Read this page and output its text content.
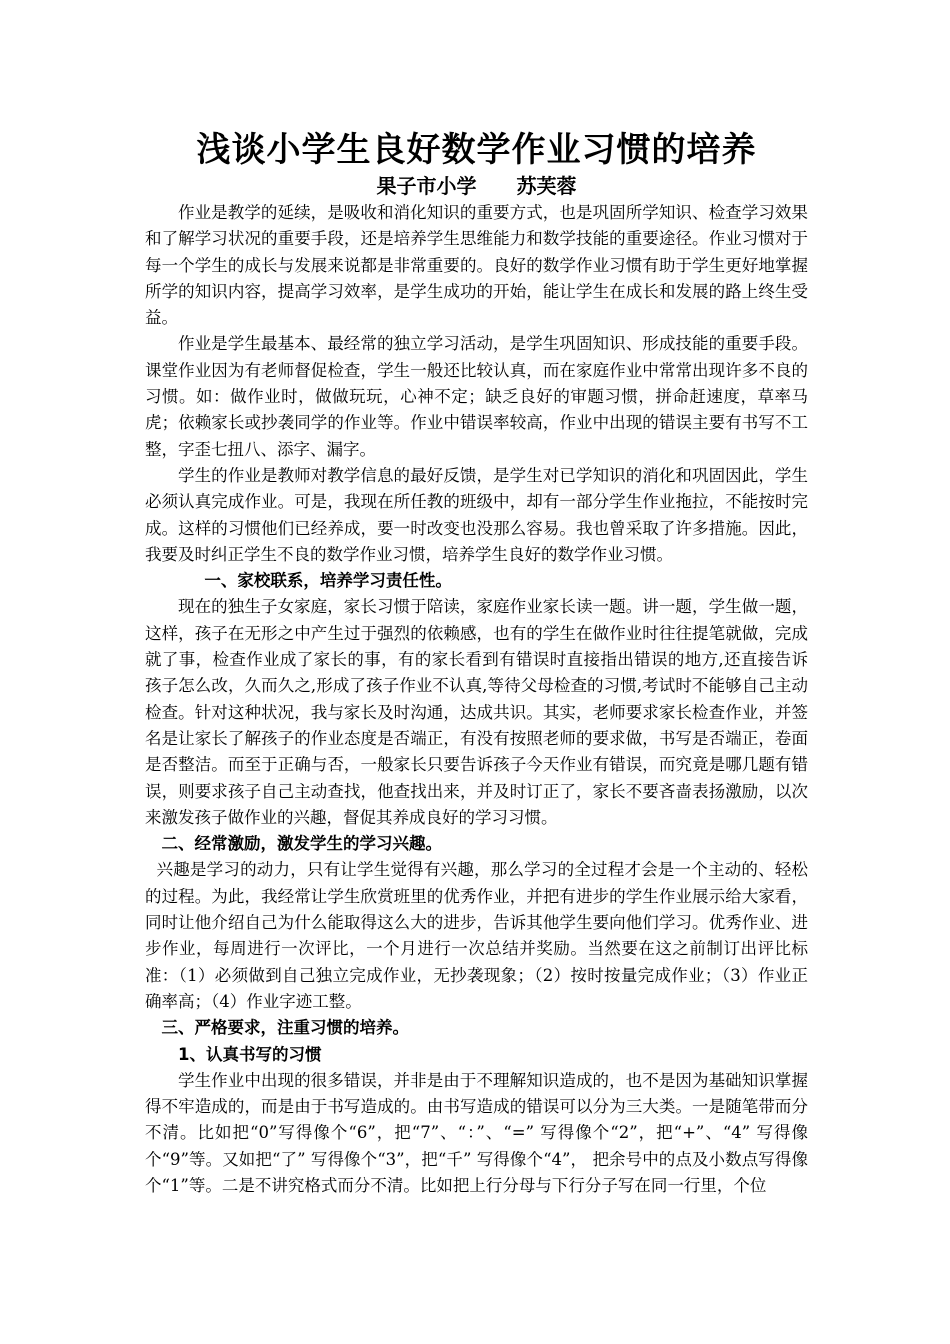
浅谈小学生良好数学作业习惯的培养
果子市小学　　苏芙蓉

作业是教学的延续，是吸收和消化知识的重要方式，也是巩固所学知识、检查学习效果和了解学习状况的重要手段，还是培养学生思维能力和数学技能的重要途径。作业习惯对于每一个学生的成长与发展来说都是非常重要的。良好的数学作业习惯有助于学生更好地掌握所学的知识内容，提高学习效率，是学生成功的开始，能让学生在成长和发展的路上终生受益。

作业是学生最基本、最经常的独立学习活动，是学生巩固知识、形成技能的重要手段。课堂作业因为有老师督促检查，学生一般还比较认真，而在家庭作业中常常出现许多不良的习惯。如：做作业时，做做玩玩，心神不定；缺乏良好的审题习惯，拼命赶速度，草率马虎；依赖家长或抄袭同学的作业等。作业中错误率较高，作业中出现的错误主要有书写不工整，字歪七扭八、添字、漏字。

学生的作业是教师对教学信息的最好反馈，是学生对已学知识的消化和巩固因此，学生必须认真完成作业。可是，我现在所任教的班级中，却有一部分学生作业拖拉，不能按时完成。这样的习惯他们已经养成，要一时改变也没那么容易。我也曾采取了许多措施。因此，我要及时纠正学生不良的数学作业习惯，培养学生良好的数学作业习惯。

一、家校联系，培养学习责任性。

现在的独生子女家庭，家长习惯于陪读，家庭作业家长读一题。讲一题，学生做一题，这样，孩子在无形之中产生过于强烈的依赖感，也有的学生在做作业时往往提笔就做，完成就了事，检查作业成了家长的事，有的家长看到有错误时直接指出错误的地方,还直接告诉孩子怎么改，久而久之,形成了孩子作业不认真,等待父母检查的习惯,考试时不能够自己主动检查。针对这种状况，我与家长及时沟通，达成共识。其实，老师要求家长检查作业，并签名是让家长了解孩子的作业态度是否端正，有没有按照老师的要求做，书写是否端正，卷面是否整洁。而至于正确与否，一般家长只要告诉孩子今天作业有错误，而究竟是哪几题有错误，则要求孩子自己主动查找，他查找出来，并及时订正了，家长不要吝啬表扬激励，以次来激发孩子做作业的兴趣，督促其养成良好的学习习惯。

二、经常激励，激发学生的学习兴趣。

兴趣是学习的动力，只有让学生觉得有兴趣，那么学习的全过程才会是一个主动的、轻松的过程。为此，我经常让学生欣赏班里的优秀作业，并把有进步的学生作业展示给大家看，同时让他介绍自己为什么能取得这么大的进步，告诉其他学生要向他们学习。优秀作业、进步作业，每周进行一次评比，一个月进行一次总结并奖励。当然要在这之前制订出评比标准：（1）必须做到自己独立完成作业，无抄袭现象；（2）按时按量完成作业；（3）作业正确率高；（4）作业字迹工整。

三、严格要求，注重习惯的培养。
1、认真书写的习惯

学生作业中出现的很多错误，并非是由于不理解知识造成的，也不是因为基础知识掌握得不牢造成的，而是由于书写造成的。由书写造成的错误可以分为三大类。一是随笔带而分不清。比如把“0”写得像个“6”，把“7”、“：”、“=” 写得像个“2”，把“+”、“4” 写得像个“9”等。又如把“了” 写得像个“3”，把“千” 写得像个“4”， 把余号中的点及小数点写得像个“1”等。二是不讲究格式而分不清。比如把上行分母与下行分子写在同一行里，个位
